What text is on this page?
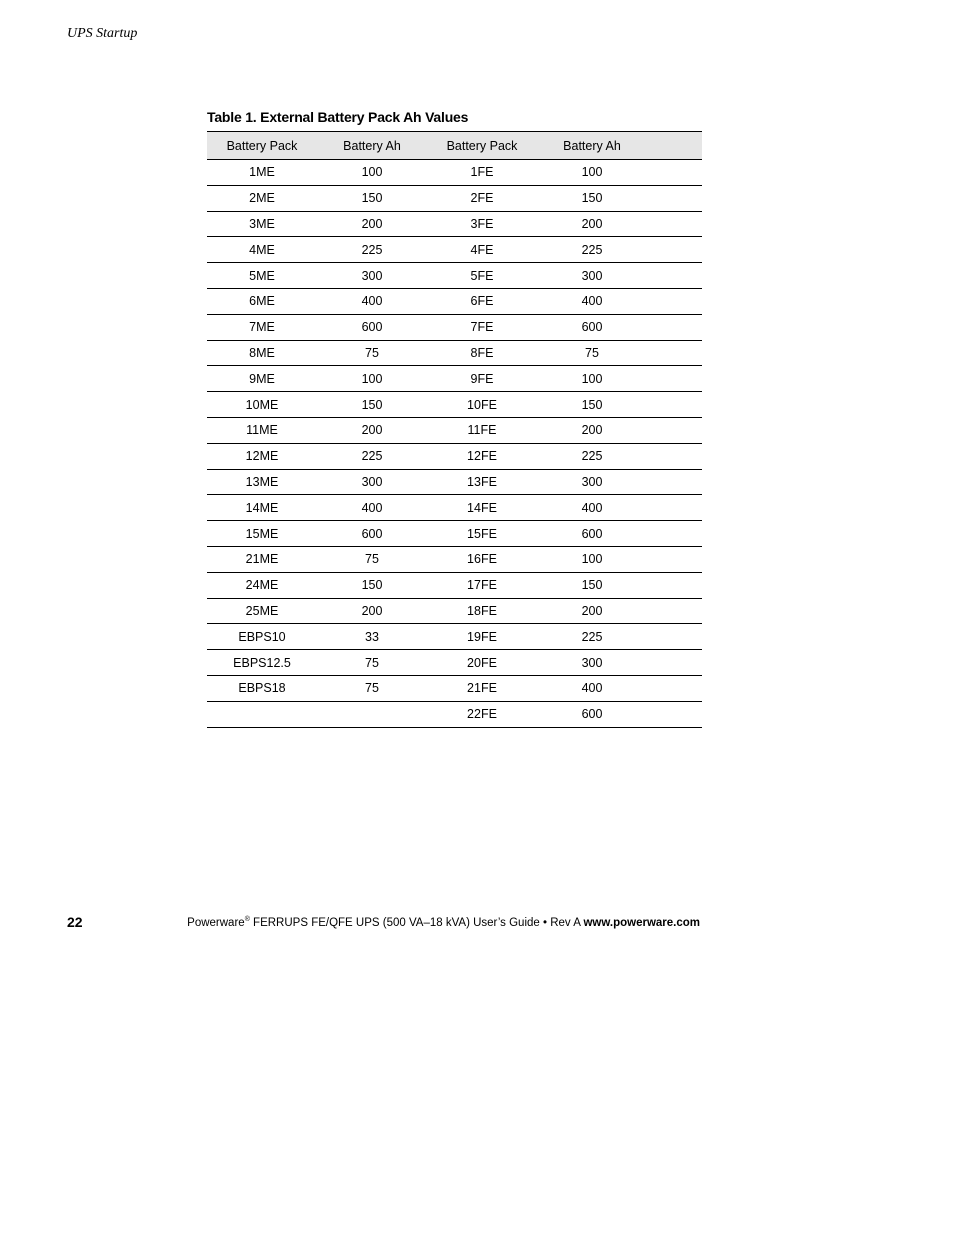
UPS Startup
Table 1. External Battery Pack Ah Values
Battery Pack	Battery Ah	Battery Pack	Battery Ah	
1ME	100	1FE	100	
2ME	150	2FE	150	
3ME	200	3FE	200	
4ME	225	4FE	225	
5ME	300	5FE	300	
6ME	400	6FE	400	
7ME	600	7FE	600	
8ME	75	8FE	75	
9ME	100	9FE	100	
10ME	150	10FE	150	
11ME	200	11FE	200	
12ME	225	12FE	225	
13ME	300	13FE	300	
14ME	400	14FE	400	
15ME	600	15FE	600	
21ME	75	16FE	100	
24ME	150	17FE	150	
25ME	200	18FE	200	
EBPS10	33	19FE	225	
EBPS12.5	75	20FE	300	
EBPS18	75	21FE	400	
		22FE	600	
22	Powerware® FERRUPS FE/QFE UPS (500 VA–18 kVA) User’s Guide • Rev A www.powerware.com
